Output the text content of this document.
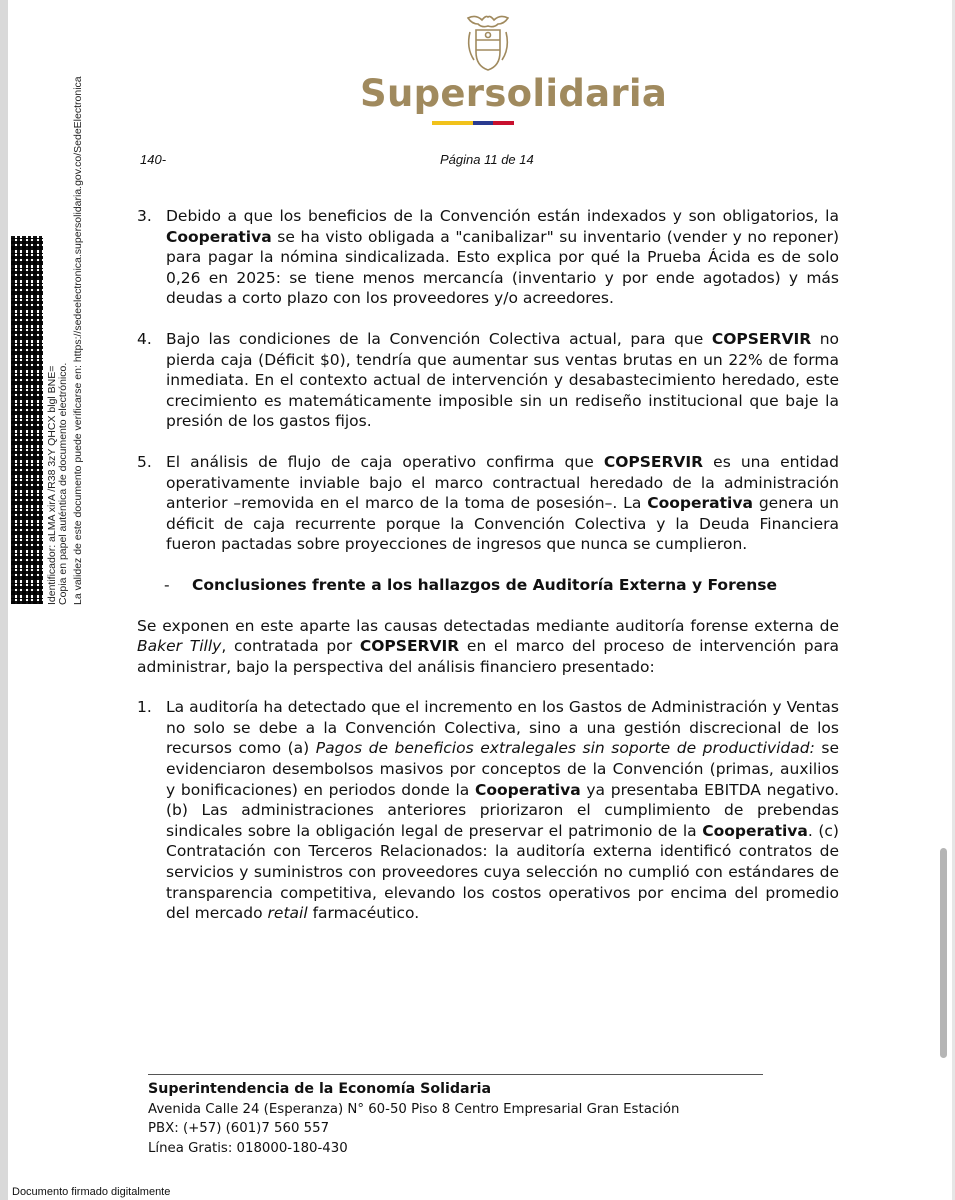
Supersolidaria
Identificador: aLMA xirA /R38 3zY QHCX blgl BNE= Copia en papel auténtica de documento electrónico. La validez de este documento puede verificarse en: https://sedeelectronica.supersolidaria.gov.co/SedeElectronica	140-	Página 11 de 14
3. Debido a que los beneficios de la Convención están indexados y son obligatorios, la Cooperativa se ha visto obligada a "canibalizar" su inventario (vender y no reponer) para pagar la nómina sindicalizada. Esto explica por qué la Prueba Ácida es de solo 0,26 en 2025: se tiene menos mercancía (inventario y por ende agotados) y más deudas a corto plazo con los proveedores y/o acreedores.
4. Bajo las condiciones de la Convención Colectiva actual, para que COPSERVIR no pierda caja (Déficit $0), tendría que aumentar sus ventas brutas en un 22% de forma inmediata. En el contexto actual de intervención y desabastecimiento heredado, este crecimiento es matemáticamente imposible sin un rediseño institucional que baje la presión de los gastos fijos.
5. El análisis de flujo de caja operativo confirma que COPSERVIR es una entidad operativamente inviable bajo el marco contractual heredado de la administración anterior –removida en el marco de la toma de posesión–. La Cooperativa genera un déficit de caja recurrente porque la Convención Colectiva y la Deuda Financiera fueron pactadas sobre proyecciones de ingresos que nunca se cumplieron.
- Conclusiones frente a los hallazgos de Auditoría Externa y Forense
Se exponen en este aparte las causas detectadas mediante auditoría forense externa de Baker Tilly, contratada por COPSERVIR en el marco del proceso de intervención para administrar, bajo la perspectiva del análisis financiero presentado:
1. La auditoría ha detectado que el incremento en los Gastos de Administración y Ventas no solo se debe a la Convención Colectiva, sino a una gestión discrecional de los recursos como (a) Pagos de beneficios extralegales sin soporte de productividad: se evidenciaron desembolsos masivos por conceptos de la Convención (primas, auxilios y bonificaciones) en periodos donde la Cooperativa ya presentaba EBITDA negativo. (b) Las administraciones anteriores priorizaron el cumplimiento de prebendas sindicales sobre la obligación legal de preservar el patrimonio de la Cooperativa. (c) Contratación con Terceros Relacionados: la auditoría externa identificó contratos de servicios y suministros con proveedores cuya selección no cumplió con estándares de transparencia competitiva, elevando los costos operativos por encima del promedio del mercado retail farmacéutico.
Superintendencia de la Economía Solidaria
Avenida Calle 24 (Esperanza) N° 60-50 Piso 8 Centro Empresarial Gran Estación
PBX: (+57) (601)7 560 557
Línea Gratis: 018000-180-430
Documento firmado digitalmente
